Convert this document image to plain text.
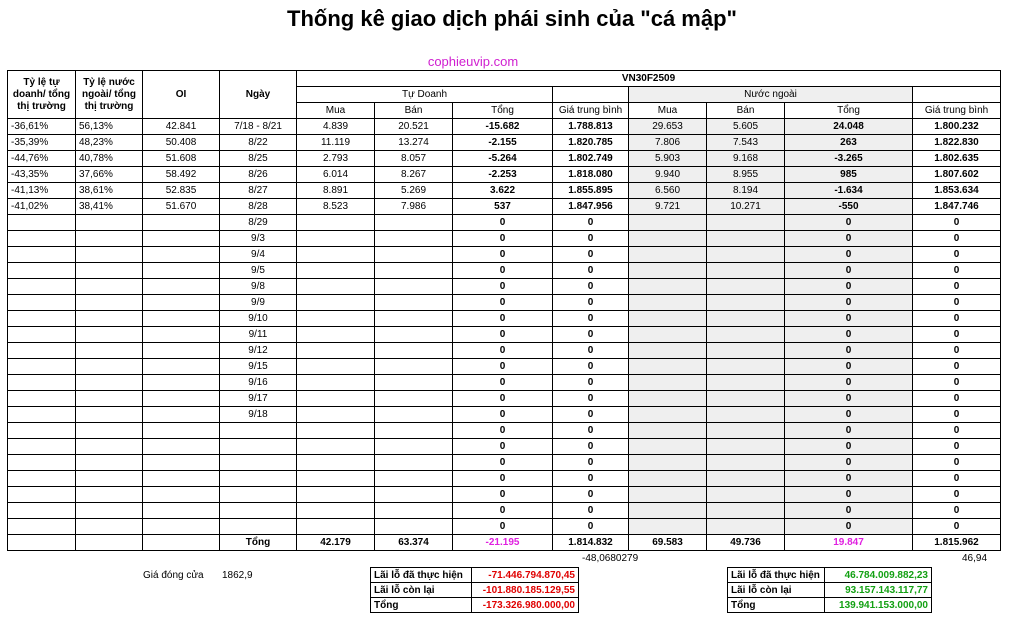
Thống kê giao dịch phái sinh của "cá mập"
cophieuvip.com
Tỷ lệ tự doanh/ tổng thị trường	Tỷ lệ nước ngoài/ tổng thị trường	OI	Ngày	VN30F2509							
				Tự Doanh				Nước ngoài			
				Mua	Bán	Tổng	Giá trung bình	Mua	Bán	Tổng	Giá trung bình
-36,61%	56,13%	42.841	7/18 - 8/21	4.839	20.521	-15.682	1.788.813	29.653	5.605	24.048	1.800.232
-35,39%	48,23%	50.408	8/22	11.119	13.274	-2.155	1.820.785	7.806	7.543	263	1.822.830
-44,76%	40,78%	51.608	8/25	2.793	8.057	-5.264	1.802.749	5.903	9.168	-3.265	1.802.635
-43,35%	37,66%	58.492	8/26	6.014	8.267	-2.253	1.818.080	9.940	8.955	985	1.807.602
-41,13%	38,61%	52.835	8/27	8.891	5.269	3.622	1.855.895	6.560	8.194	-1.634	1.853.634
-41,02%	38,41%	51.670	8/28	8.523	7.986	537	1.847.956	9.721	10.271	-550	1.847.746
			8/29			0	0			0	0
			9/3			0	0			0	0
			9/4			0	0			0	0
			9/5			0	0			0	0
			9/8			0	0			0	0
			9/9			0	0			0	0
			9/10			0	0			0	0
			9/11			0	0			0	0
			9/12			0	0			0	0
			9/15			0	0			0	0
			9/16			0	0			0	0
			9/17			0	0			0	0
			9/18			0	0			0	0
						0	0			0	0
						0	0			0	0
						0	0			0	0
						0	0			0	0
						0	0			0	0
						0	0			0	0
						0	0			0	0
			Tổng	42.179	63.374	-21.195	1.814.832	69.583	49.736	19.847	1.815.962
-48,0680279	46,94
Giá đóng cửa 1862,9	Lãi lỗ đã thực hiện	-71.446.794.870,45
Lãi lỗ còn lại	-101.880.185.129,55
Tổng	-173.326.980.000,00
Lãi lỗ đã thực hiện	46.784.009.882,23
Lãi lỗ còn lại	93.157.143.117,77
Tổng	139.941.153.000,00
